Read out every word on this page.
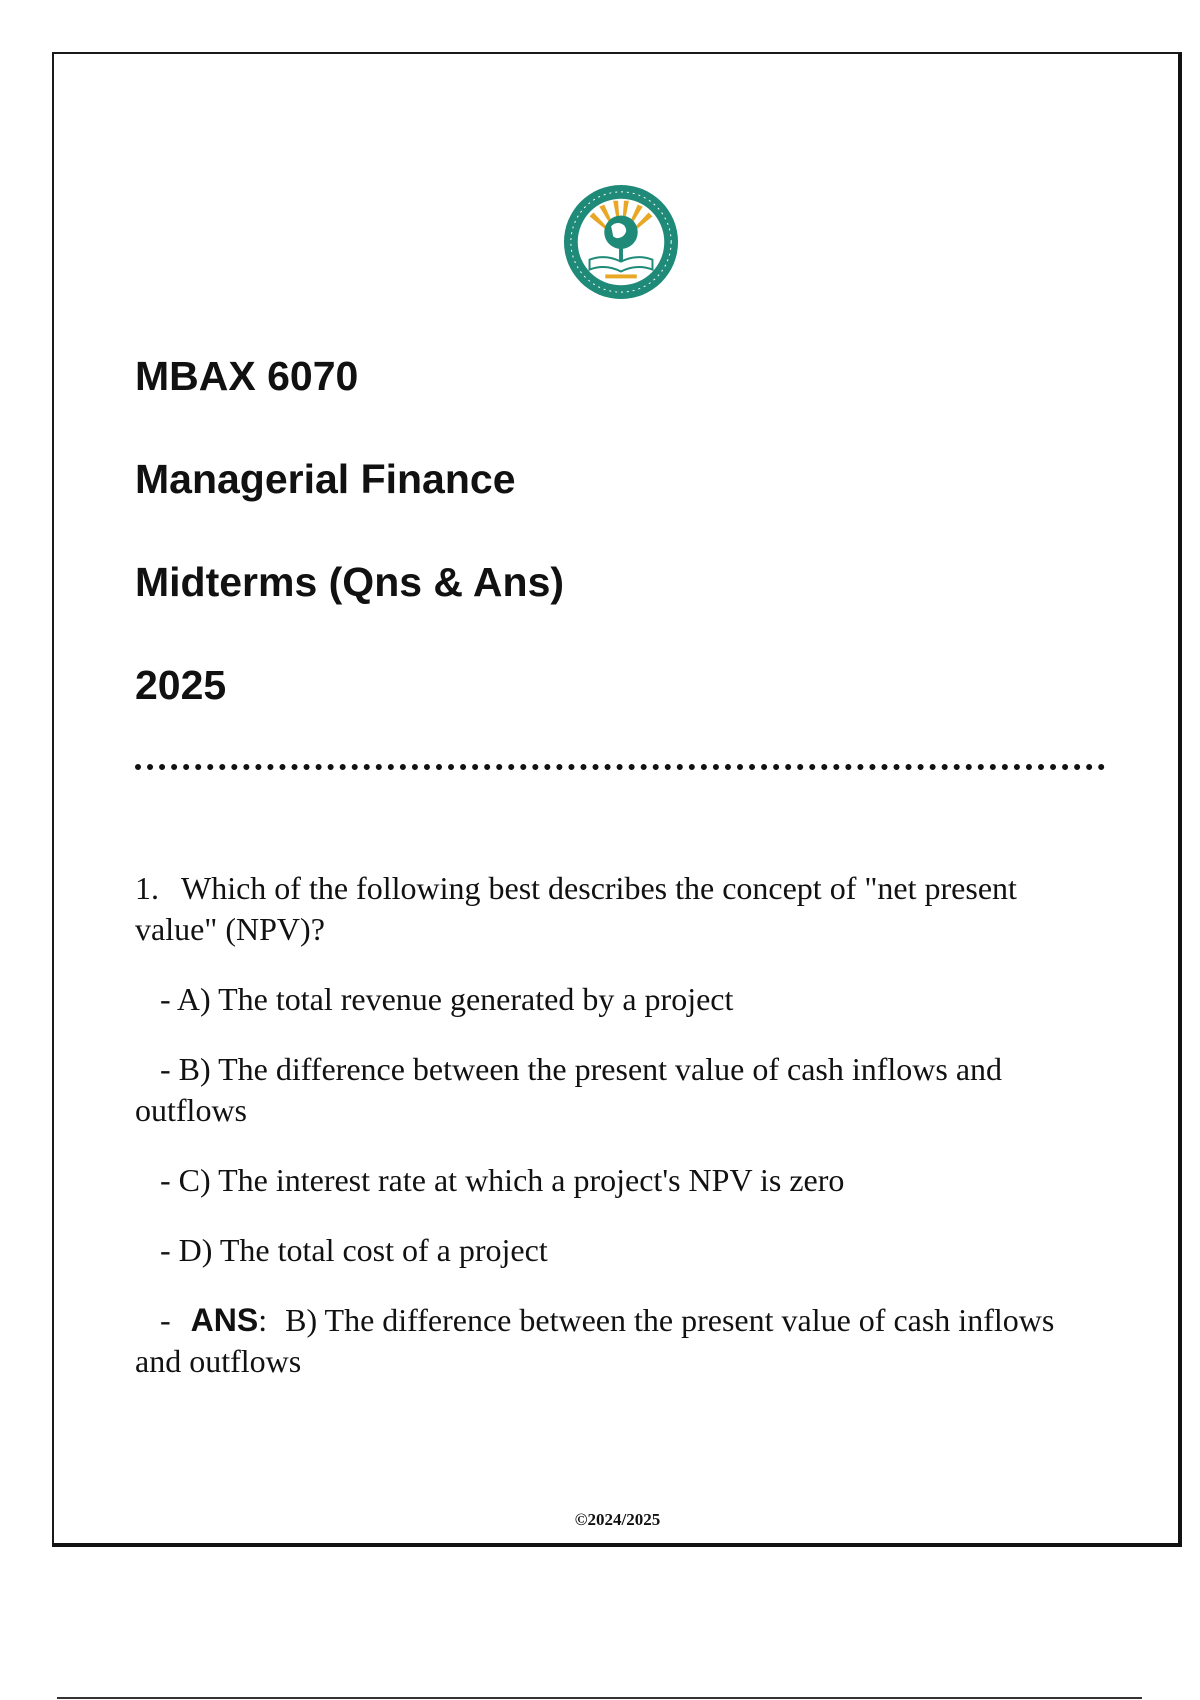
MBAX 6070
Managerial Finance
Midterms (Qns & Ans)
2025

1. Which of the following best describes the concept of "net present value" (NPV)?

- A) The total revenue generated by a project

- B) The difference between the present value of cash inflows and outflows

- C) The interest rate at which a project's NPV is zero

- D) The total cost of a project

- ANS: B) The difference between the present value of cash inflows and outflows

©2024/2025
